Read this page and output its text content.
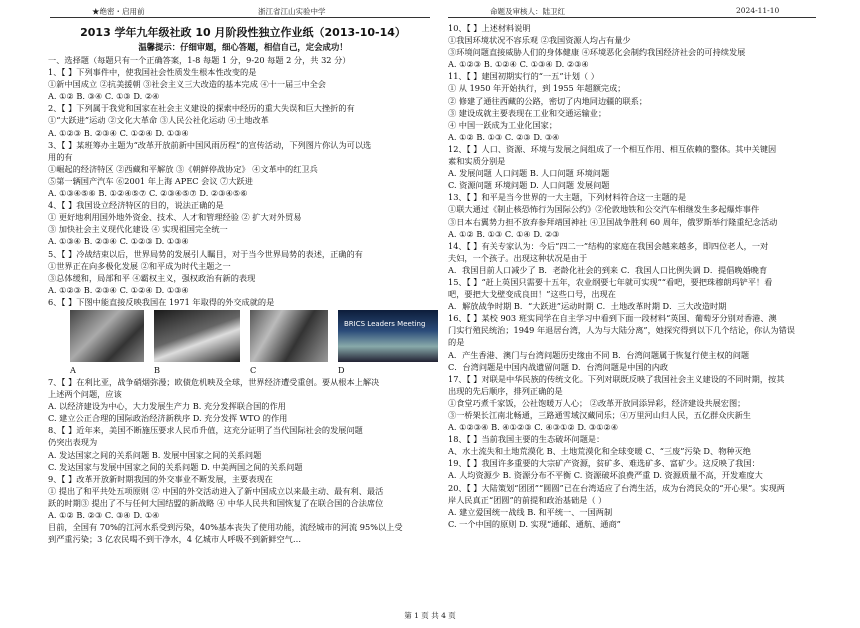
★绝密・启用前	浙江省江山实验中学	命题及审核人：陆卫红	2024-11-10
2013 学年九年级社政 10 月阶段性独立作业纸（2013-10-14）
温馨提示：仔细审题，细心答题，相信自己，定会成功！
一、选择题（每题只有一个正确答案，1-8 每题 1 分，9-20 每题 2 分，共 32 分）
1、【 】下列事件中，使我国社会性质发生根本性改变的是
①新中国成立 ②抗美援朝 ③社会主义三大改造的基本完成 ④十一届三中全会
A. ①② B. ③④ C. ①③ D. ②④
2、【 】下列属于我党和国家在社会主义建设的探索中经历的重大失误和巨大挫折的有
①“大跃进”运动 ②文化大革命 ③人民公社化运动 ④土地改革
A. ①②③ B. ②③④ C. ①②④ D. ①③④
3、【 】某班筹办主题为“改革开放前新中国风雨历程”的宣传活动，下列图片你认为可以选
用的有
①崛起的经济特区 ②西藏和平解放 ③《朝鲜停战协定》 ④文革中的红卫兵
⑤第一辆国产汽车 ⑥2001 年上海 APEC 会议 ⑦大跃进
A. ①③④⑤⑥ B. ①②④⑤⑦ C. ②③④⑤⑦ D. ②③④⑤⑥
4、【 】我国设立经济特区的目的，说法正确的是
① 更好地利用国外地外资金、技术、人才和管理经验 ② 扩大对外贸易
③ 加快社会主义现代化建设 ④ 实现祖国完全统一
A. ①③④ B. ②③④ C. ①②③ D. ①③④
5、【 】冷战结束以后，世界局势的发展引人瞩目，对于当今世界局势的表述，正确的有
①世界正在向多极化发展 ②和平成为时代主题之一
③总体缓和，局部和平 ④霸权主义，强权政治有新的表现
A. ①②③ B. ②③④ C. ①②④ D. ①③④
6、【 】下图中能直接反映我国在 1971 年取得的外交成就的是
BRICS Leaders Meeting
A	B	C	D
7、【 】在利比亚，战争硝烟弥漫；欧债危机映及全球，世界经济遭受重创。要从根本上解决
上述两个问题，应该
A. 以经济建设为中心，大力发展生产力 B. 充分发挥联合国的作用
C. 建立公正合理的国际政治经济新秩序 D. 充分发挥 WTO 的作用
8、【 】近年来，美国不断施压要求人民币升值，这充分证明了当代国际社会的发展问题
仍突出表现为
A. 发达国家之间的关系问题 B. 发展中国家之间的关系问题
C. 发达国家与发展中国家之间的关系问题 D. 中美两国之间的关系问题
9、【 】改革开放新时期我国的外交事业不断发展，主要表现在
① 提出了和平共处五项原则 ② 中国的外交活动进入了新中国成立以来最主动、最有利、最活
跃的时期③ 提出了不与任何大国结盟的新战略 ④ 中华人民共和国恢复了在联合国的合法席位
A. ①② B. ②③ C. ③④ D. ①④
目前，全国有 70%的江河水系受到污染，40%基本丧失了使用功能，流经城市的河流 95%以上受
到严重污染；3 亿农民喝不到干净水，4 亿城市人呼吸不到新鲜空气…
10、【 】上述材料说明
①我国环境状况不容乐观 ②我国资源人均占有量少
③环境问题直接威胁人们的身体健康 ④环境恶化会制约我国经济社会的可持续发展
A. ①②③ B. ①②④ C. ①③④ D. ②③④
11、【 】建国初期实行的“一五”计划（ ）
① 从 1950 年开始执行，到 1955 年超额完成；
② 修建了通往西藏的公路，密切了内地同边疆的联系；
③ 建设成就主要表现在工业和交通运输业；
④ 中国一跃成为工业化国家；
A. ①② B. ①③ C. ②③ D. ③④
12、【 】人口、资源、环境与发展之间组成了一个相互作用、相互依赖的整体。其中关键因
素和实质分别是
A. 发展问题 人口问题 B. 人口问题 环境问题
C. 资源问题 环境问题 D. 人口问题 发展问题
13、【 】和平是当今世界的一大主题，下列材料符合这一主题的是
①联大通过《制止核恐怖行为国际公约》②伦敦地铁和公交汽车相继发生多起爆炸事件
③日本右翼势力担不放弃参拜靖国神社 ④卫国战争胜利 60 周年，俄罗斯举行隆重纪念活动
A. ①② B. ①③ C. ①④ D. ②③
14、【 】有关专家认为：今后“四二一”结构的家庭在我国会越来越多，即四位老人，一对
夫妇，一个孩子。出现这种状况是由于
A．我国目前人口减少了 B．老龄化社会的到来 C．我国人口比例失调 D．提倡晚婚晚育
15、【 】“赶上英国只需要十五年，农业纲要七年就可实现”“看吧，要把珠穆朗玛铲平！看
吧，要把大戈壁变成良田！”这些口号，出现在
A．解放战争时期 B．“大跃进”运动时期 C．土地改革时期 D．三大改造时期
16、【 】某校 903 班实同学在自主学习中看到下面一段材料“英国、葡萄牙分别对香港、澳
门实行殖民统治；1949 年退居台湾，人为与大陆分离”，她探究得到以下几个结论，你认为错误
的是
A．产生香港、澳门与台湾问题历史缘由不同 B．台湾问题属于恢复行使主权的问题
C．台湾问题是中国内战遗留问题 D．台湾问题是中国的内政
17、【 】对联是中华民族的传统文化。下列对联既反映了我国社会主义建设的不同时期，按其
出现的先后顺序，排列正确的是
①食堂巧煮千家饭，公社饱暖万人心； ②改革开放同添异彩，经济建设共展宏图；
③一桥架长江南北畅通，三路通雪域汉藏同乐；④万里河山归人民，五亿群众庆新生
A. ①②③④ B. ④①②③ C. ④③①② D. ③①②④
18、【 】当前我国主要的生态破坏问题是：
A、水土流失和土地荒漠化 B、土地荒漠化和全球变暖 C、“三废”污染 D、物种灭绝
19、【 】我国许多重要的大宗矿产资源，贫矿多、难选矿多、富矿少。这反映了我国：
A. 人均资源少 B. 资源分布不平衡 C. 资源破坏浪费严重 D. 资源质量不高，开发难度大
20、【 】大陆策划“团团”“圆圆”已在台湾适应了台湾生活，成为台湾民众的“开心果”。实现两
岸人民真正“团圆”的前提和政治基础是（ ）
A. 建立爱国统一战线 B. 和平统一、一国两制
C. 一个中国的原则 D. 实现“通邮、通航、通商”
第 1 页 共 4 页
